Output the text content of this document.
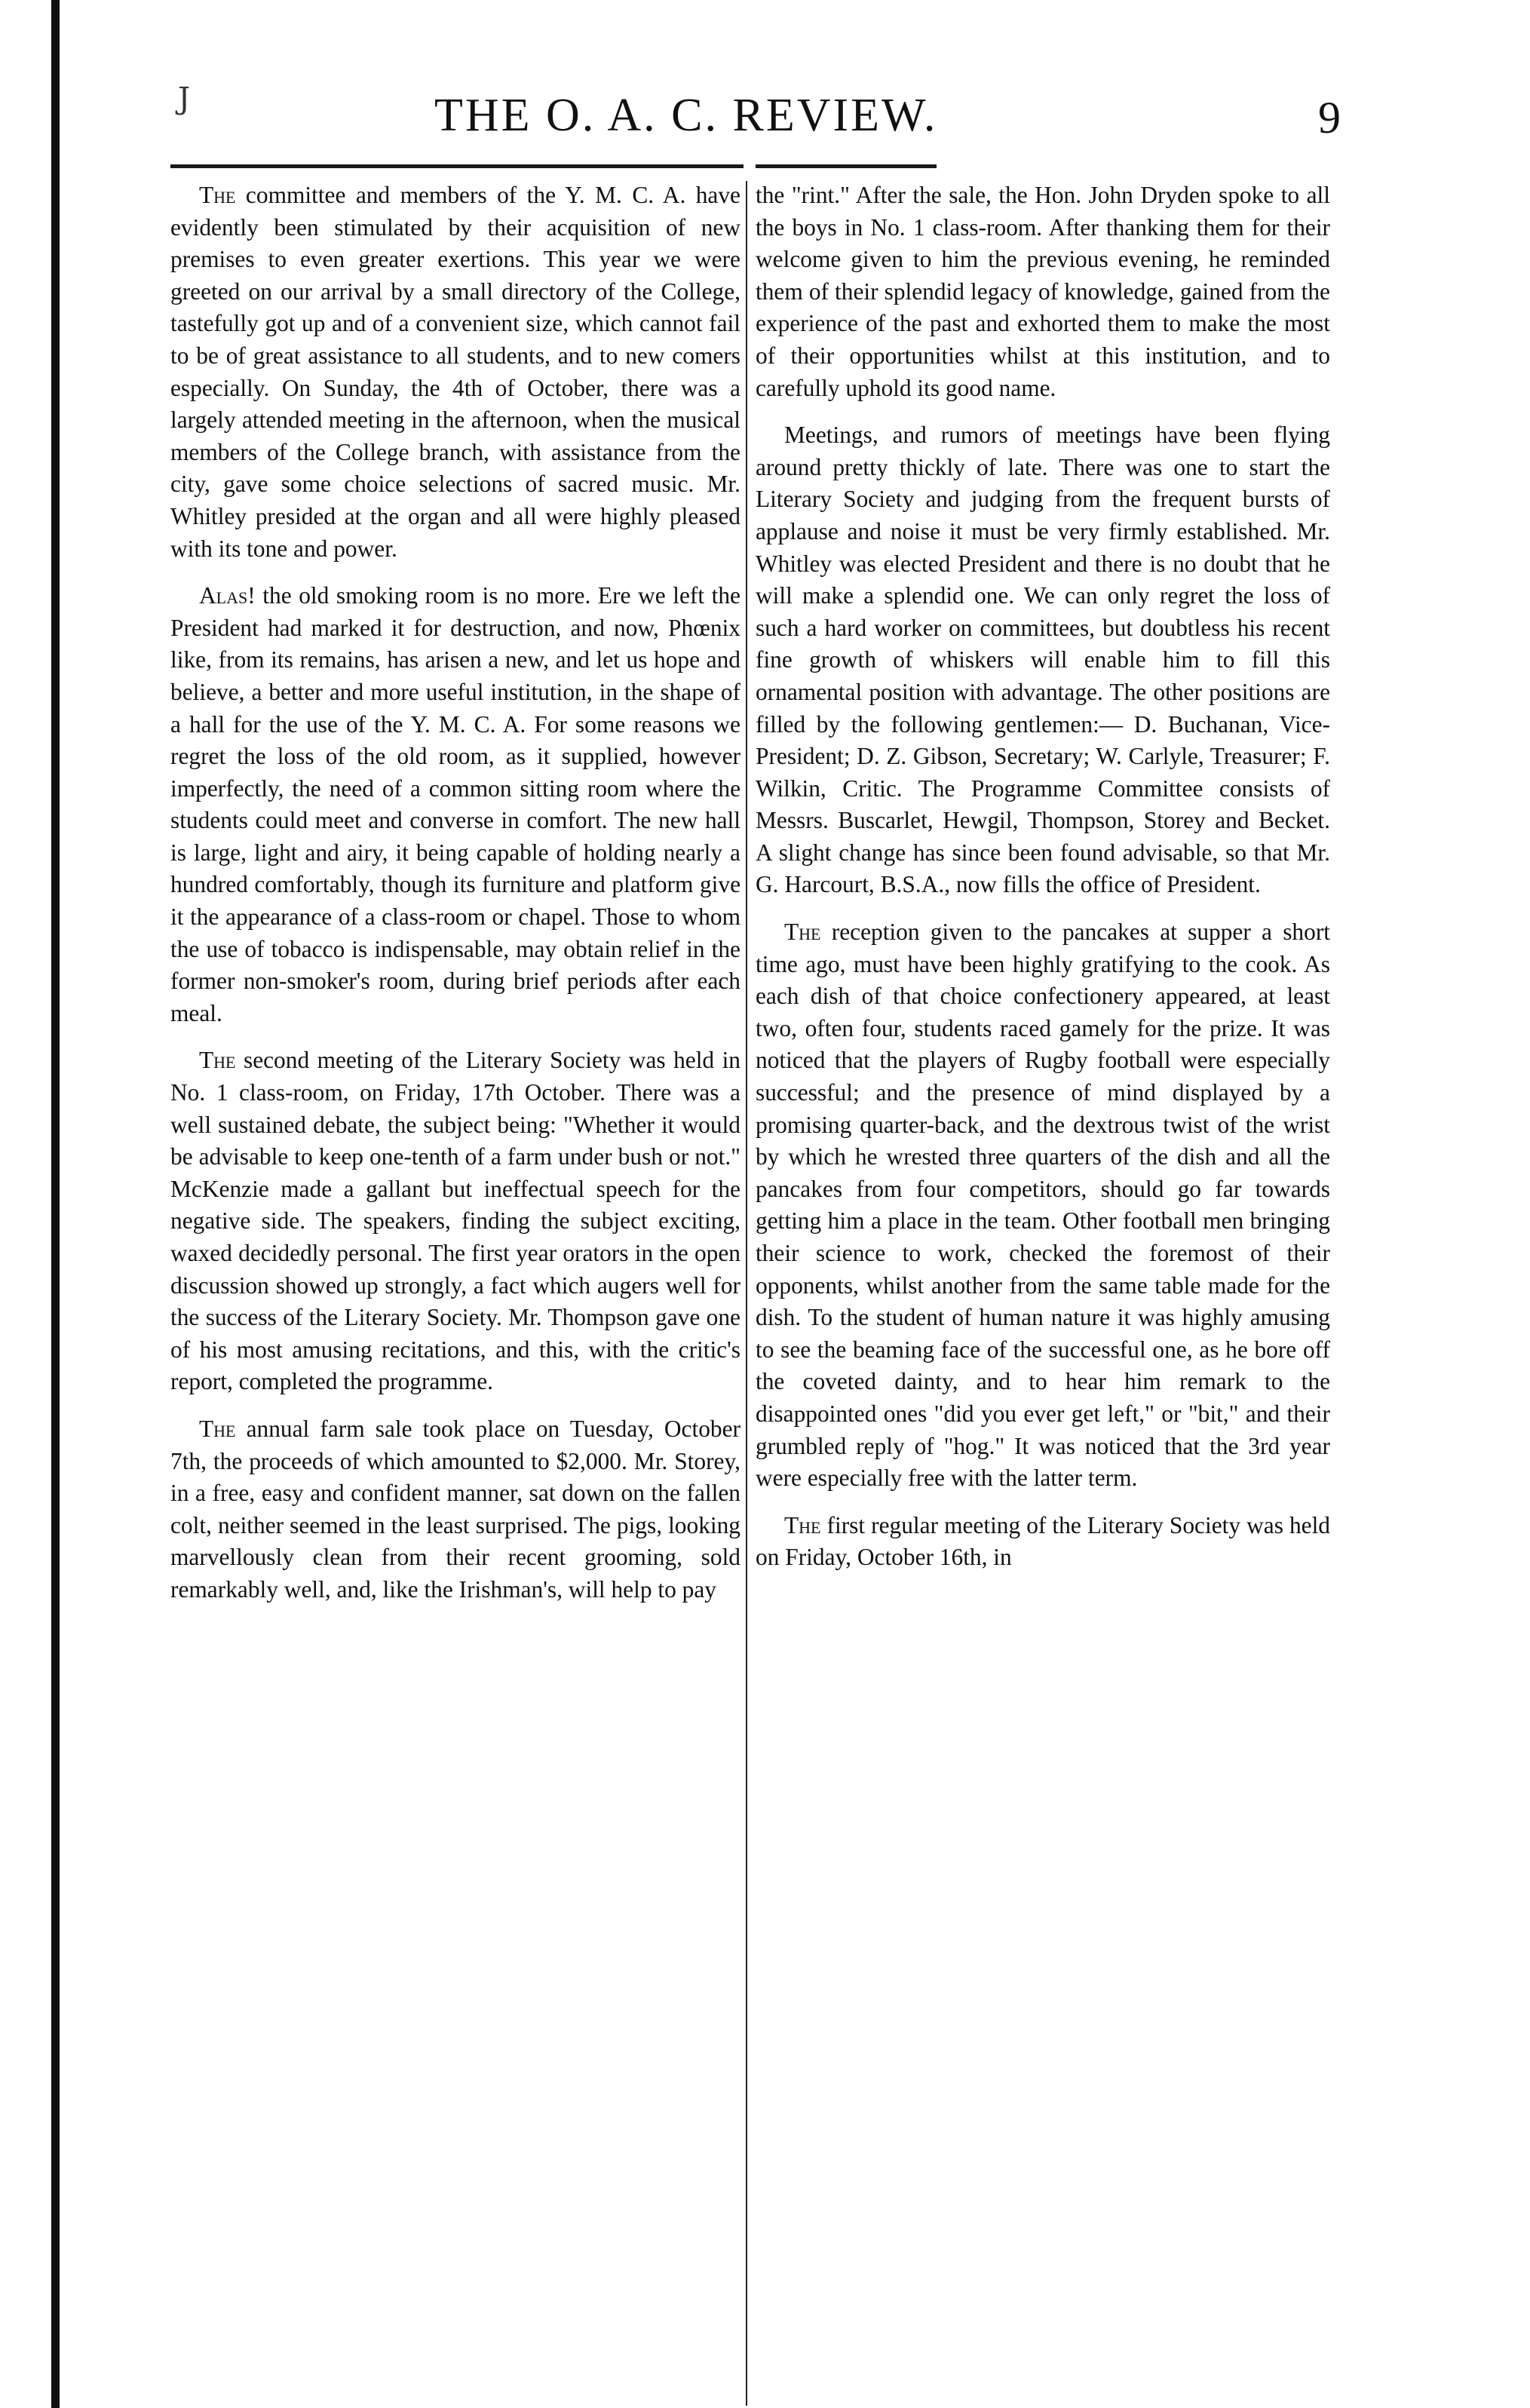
J	THE O. A. C. REVIEW.	9

The committee and members of the Y. M. C. A. have evidently been stimulated by their acquisition of new premises to even greater exertions. This year we were greeted on our arrival by a small directory of the College, tastefully got up and of a convenient size, which cannot fail to be of great assistance to all students, and to new comers especially. On Sunday, the 4th of October, there was a largely attended meeting in the afternoon, when the musical members of the College branch, with assistance from the city, gave some choice selections of sacred music. Mr. Whitley presided at the organ and all were highly pleased with its tone and power.

Alas! the old smoking room is no more. Ere we left the President had marked it for destruction, and now, Phœnix like, from its remains, has arisen a new, and let us hope and believe, a better and more useful institution, in the shape of a hall for the use of the Y. M. C. A. For some reasons we regret the loss of the old room, as it supplied, however imperfectly, the need of a common sitting room where the students could meet and converse in comfort. The new hall is large, light and airy, it being capable of holding nearly a hundred comfortably, though its furniture and platform give it the appearance of a class-room or chapel. Those to whom the use of tobacco is indispensable, may obtain relief in the former non-smoker's room, during brief periods after each meal.

The second meeting of the Literary Society was held in No. 1 class-room, on Friday, 17th October. There was a well sustained debate, the subject being: "Whether it would be advisable to keep one-tenth of a farm under bush or not." McKenzie made a gallant but ineffectual speech for the negative side. The speakers, finding the subject exciting, waxed decidedly personal. The first year orators in the open discussion showed up strongly, a fact which augers well for the success of the Literary Society. Mr. Thompson gave one of his most amusing recitations, and this, with the critic's report, completed the programme.

The annual farm sale took place on Tuesday, October 7th, the proceeds of which amounted to $2,000. Mr. Storey, in a free, easy and confident manner, sat down on the fallen colt, neither seemed in the least surprised. The pigs, looking marvellously clean from their recent grooming, sold remarkably well, and, like the Irishman's, will help to pay

the "rint." After the sale, the Hon. John Dryden spoke to all the boys in No. 1 class-room. After thanking them for their welcome given to him the previous evening, he reminded them of their splendid legacy of knowledge, gained from the experience of the past and exhorted them to make the most of their opportunities whilst at this institution, and to carefully uphold its good name.

Meetings, and rumors of meetings have been flying around pretty thickly of late. There was one to start the Literary Society and judging from the frequent bursts of applause and noise it must be very firmly established. Mr. Whitley was elected President and there is no doubt that he will make a splendid one. We can only regret the loss of such a hard worker on committees, but doubtless his recent fine growth of whiskers will enable him to fill this ornamental position with advantage. The other positions are filled by the following gentlemen:— D. Buchanan, Vice-President; D. Z. Gibson, Secretary; W. Carlyle, Treasurer; F. Wilkin, Critic. The Programme Committee consists of Messrs. Buscarlet, Hewgil, Thompson, Storey and Becket. A slight change has since been found advisable, so that Mr. G. Harcourt, B.S.A., now fills the office of President.

The reception given to the pancakes at supper a short time ago, must have been highly gratifying to the cook. As each dish of that choice confectionery appeared, at least two, often four, students raced gamely for the prize. It was noticed that the players of Rugby football were especially successful; and the presence of mind displayed by a promising quarter-back, and the dextrous twist of the wrist by which he wrested three quarters of the dish and all the pancakes from four competitors, should go far towards getting him a place in the team. Other football men bringing their science to work, checked the foremost of their opponents, whilst another from the same table made for the dish. To the student of human nature it was highly amusing to see the beaming face of the successful one, as he bore off the coveted dainty, and to hear him remark to the disappointed ones "did you ever get left," or "bit," and their grumbled reply of "hog." It was noticed that the 3rd year were especially free with the latter term.

The first regular meeting of the Literary Society was held on Friday, October 16th, in
